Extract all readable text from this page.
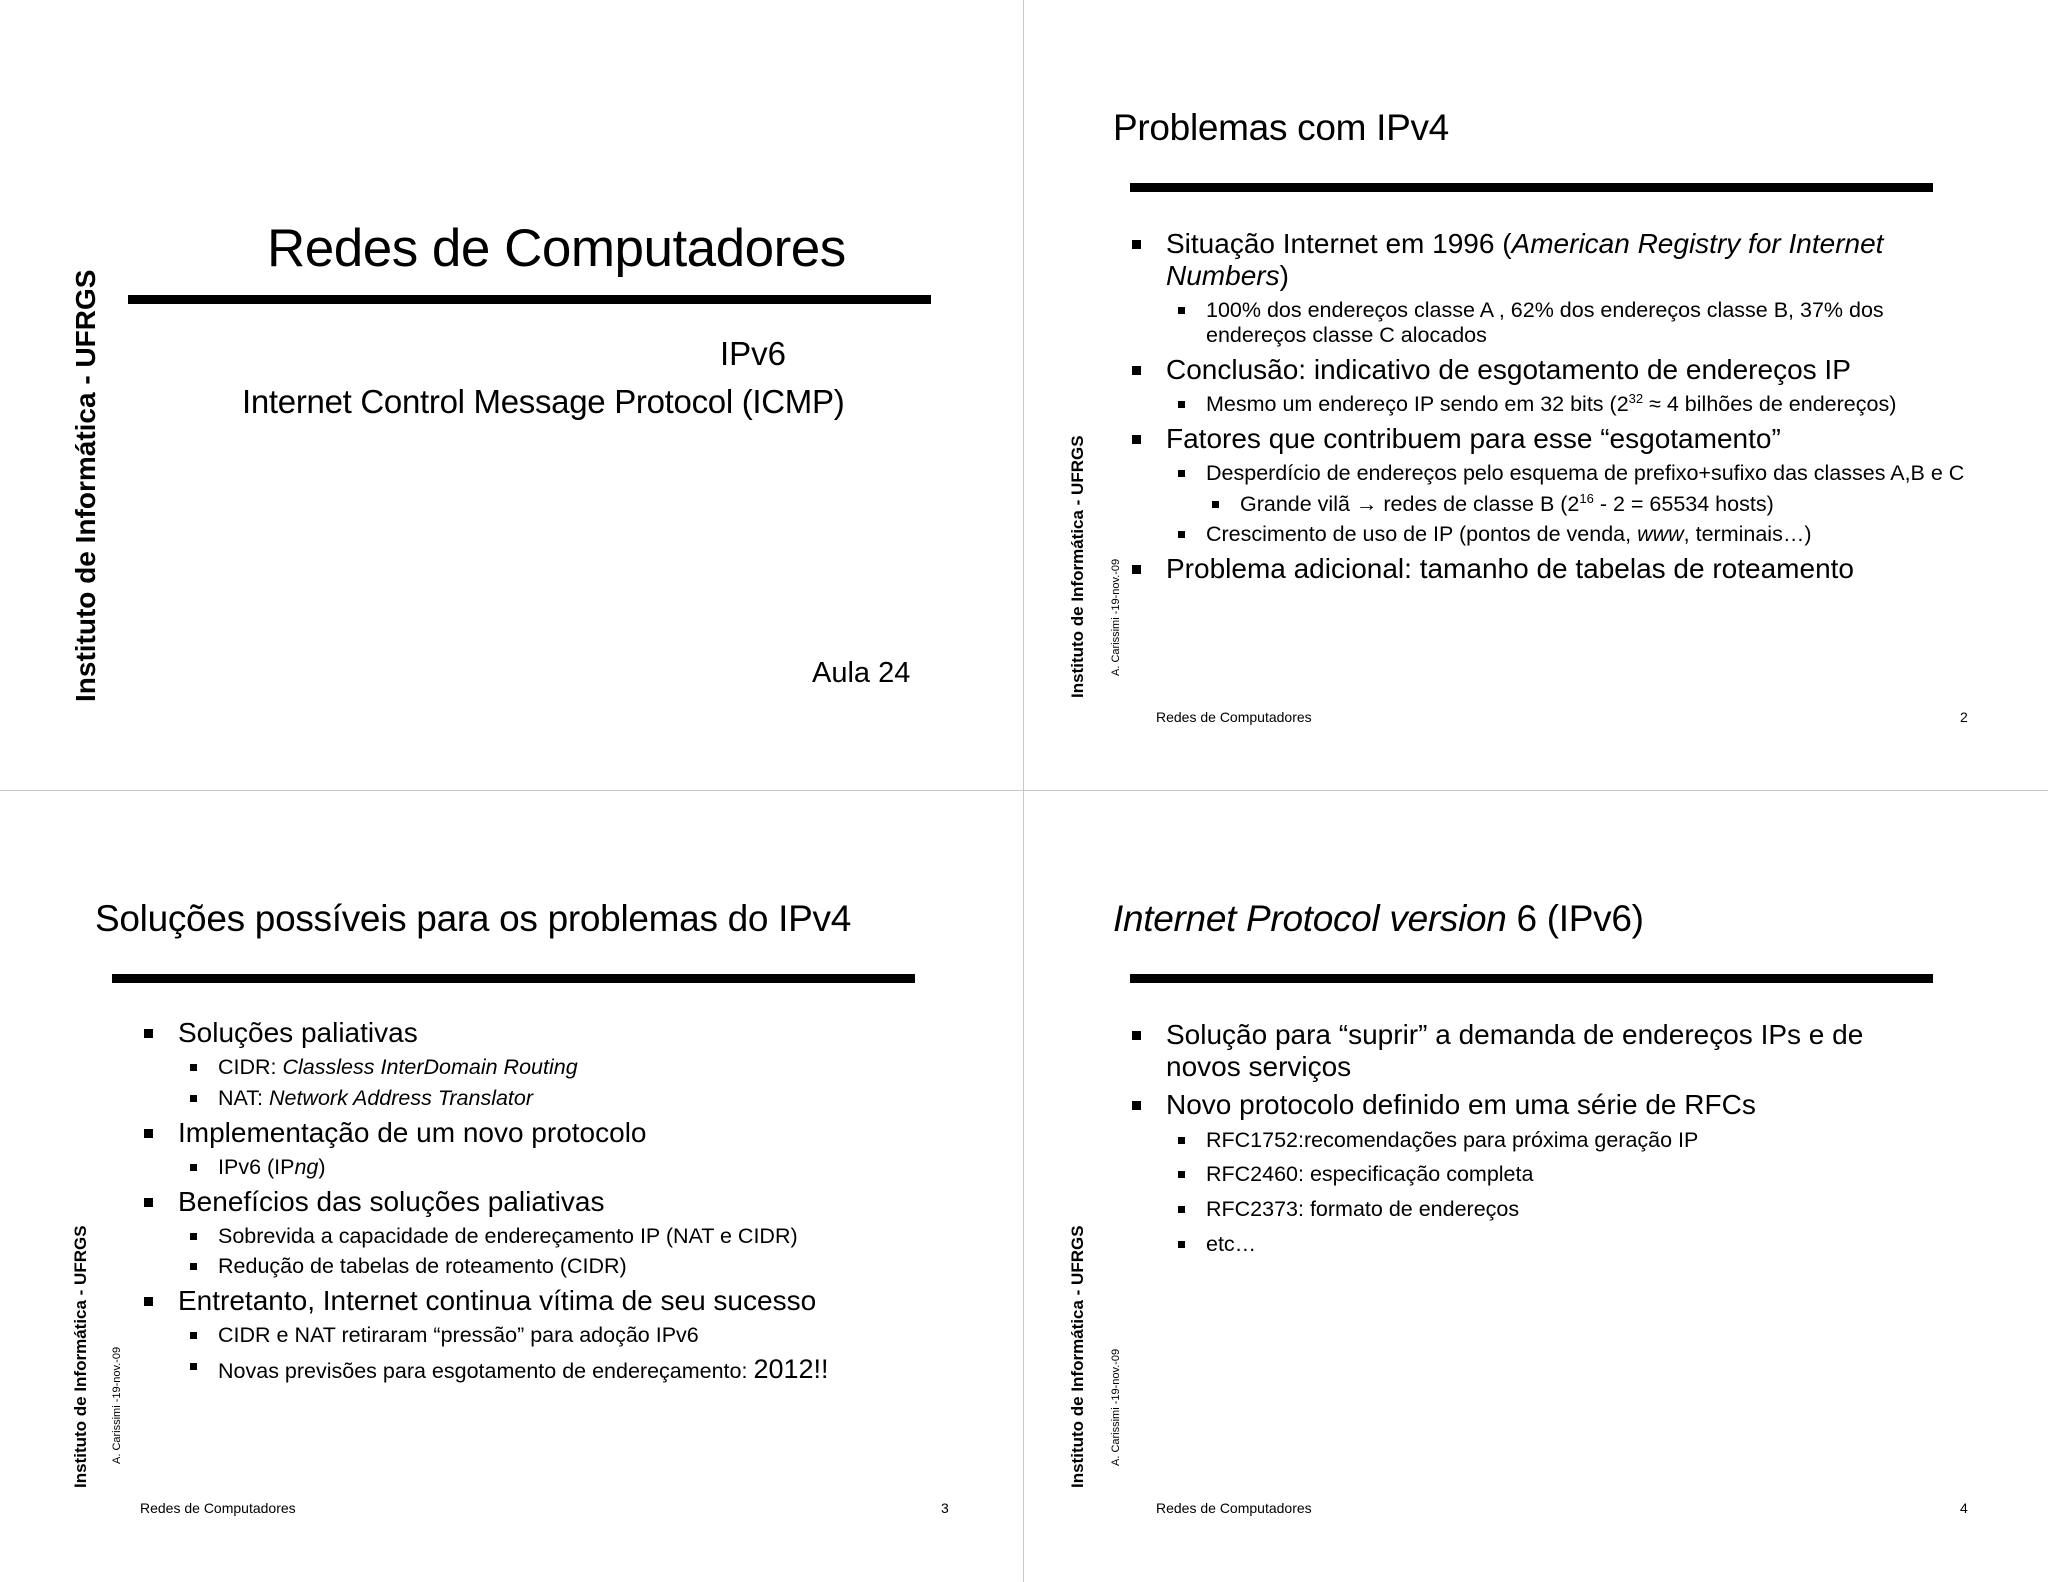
Instituto de Informática - UFRGS
Redes de Computadores
IPv6
Internet Control Message Protocol (ICMP)
Aula 24	Instituto de Informática - UFRGS A. Carissimi -19-nov.-09
Problemas com IPv4
Situação Internet em 1996 (American Registry for Internet Numbers)
100% dos endereços classe A , 62% dos endereços classe B, 37% dos endereços classe C alocados
Conclusão: indicativo de esgotamento de endereços IP
Mesmo um endereço IP sendo em 32 bits ($2^{32} \approx 4$ bilhões de endereços)
Fatores que contribuem para esse “esgotamento”
Desperdício de endereços pelo esquema de prefixo+sufixo das classes A,B e C
Grande vilã → redes de classe B ($2^{16} - 2 = 65534$ hosts)
Crescimento de uso de IP (pontos de venda, www, terminais…)
Problema adicional: tamanho de tabelas de roteamento
Redes de Computadores	2
Instituto de Informática - UFRGS A. Carissimi -19-nov.-09
Soluções possíveis para os problemas do IPv4
Soluções paliativas
CIDR: Classless InterDomain Routing
NAT: Network Address Translator
Implementação de um novo protocolo
IPv6 (IPng)
Benefícios das soluções paliativas
Sobrevida a capacidade de endereçamento IP (NAT e CIDR)
Redução de tabelas de roteamento (CIDR)
Entretanto, Internet continua vítima de seu sucesso
CIDR e NAT retiraram “pressão” para adoção IPv6
Novas previsões para esgotamento de endereçamento: 2012!!
Redes de Computadores	3
Instituto de Informática - UFRGS A. Carissimi -19-nov.-09
Internet Protocol version 6 (IPv6)
Solução para “suprir” a demanda de endereços IPs e de novos serviços
Novo protocolo definido em uma série de RFCs
RFC1752:recomendações para próxima geração IP
RFC2460: especificação completa
RFC2373: formato de endereços
etc…
Redes de Computadores	4
